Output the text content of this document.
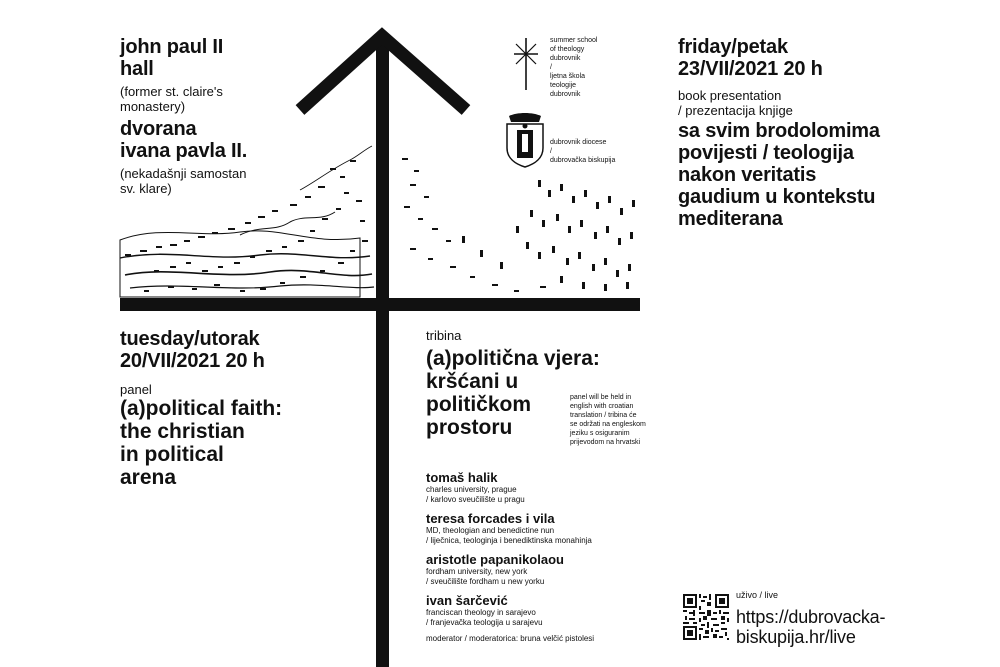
john paul II
hall
(former st. claire's
monastery)
dvorana
ivana pavla II.
(nekadašnji samostan
sv. klare)
summer school
of theology
dubrovnik
/
ljetna škola
teologije
dubrovnik
dubrovnik diocese
/
dubrovačka biskupija
friday/petak
23/VII/2021 20 h
book presentation
/ prezentacija knjige
sa svim brodolomima
povijesti / teologija
nakon veritatis
gaudium u kontekstu
mediterana
tuesday/utorak
20/VII/2021 20 h
panel
(a)political faith:
the christian
in political
arena
tribina
(a)politična vjera:
kršćani u
političkom
prostoru
panel will be held in
english with croatian
translation / tribina će
se održati na engleskom
jeziku s osiguranim
prijevodom na hrvatski
tomaš halik
charles university, prague
/ karlovo sveučilište u pragu
teresa forcades i vila
MD, theologian and benedictine nun
/ liječnica, teologinja i benediktinska monahinja
aristotle papanikolaou
fordham university, new york
/ sveučilište fordham u new yorku
ivan šarčević
franciscan theology in sarajevo
/ franjevačka teologija u sarajevu
moderator / moderatorica: bruna velčić pistolesi
uživo / live
https://dubrovacka-
biskupija.hr/live
